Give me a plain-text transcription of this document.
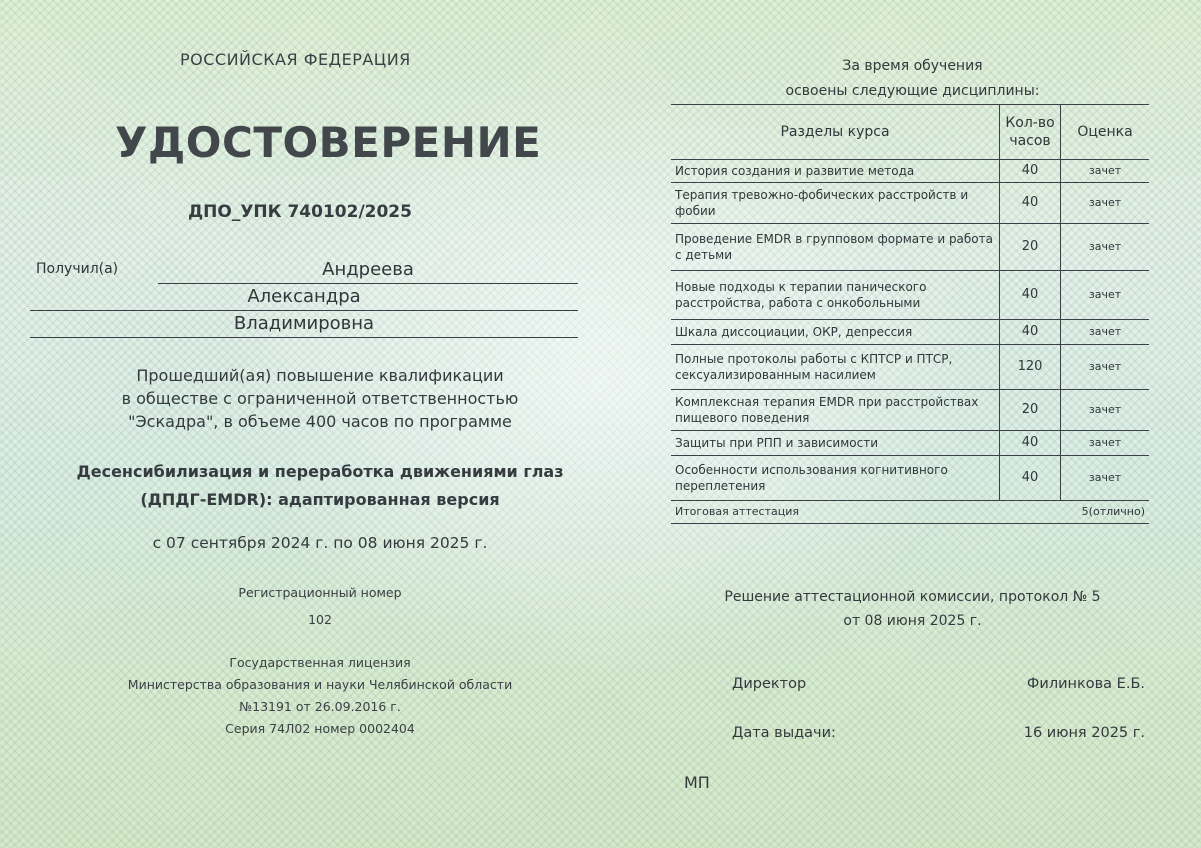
РОССИЙСКАЯ ФЕДЕРАЦИЯ
УДОСТОВЕРЕНИЕ
ДПО_УПК 740102/2025
Получил(а)	Андреева
Александра
Владимировна
Прошедший(ая) повышение квалификации
в обществе с ограниченной ответственностью
"Эскадра", в объеме 400 часов по программе
Десенсибилизация и переработка движениями глаз
(ДПДГ-EMDR): адаптированная версия
с 07 сентября 2024 г. по 08 июня 2025 г.
Регистрационный номер
102
Государственная лицензия
Министерства образования и науки Челябинской области
№13191 от 26.09.2016 г.
Серия 74Л02 номер 0002404
За время обучения
освоены следующие дисциплины:
Разделы курса	Кол-во часов	Оценка
История создания и развитие метода	40	зачет
Терапия тревожно-фобических расстройств и фобии	40	зачет
Проведение EMDR в групповом формате и работа с детьми	20	зачет
Новые подходы к терапии панического расстройства, работа с онкобольными	40	зачет
Шкала диссоциации, ОКР, депрессия	40	зачет
Полные протоколы работы с КПТСР и ПТСР, сексуализированным насилием	120	зачет
Комплексная терапия EMDR при расстройствах пищевого поведения	20	зачет
Защиты при РПП и зависимости	40	зачет
Особенности использования когнитивного переплетения	40	зачет
Итоговая аттестация		5(отлично)
Решение аттестационной комиссии, протокол № 5
от 08 июня 2025 г.
Директор	Филинкова Е.Б.
Дата выдачи:	16 июня 2025 г.
МП
